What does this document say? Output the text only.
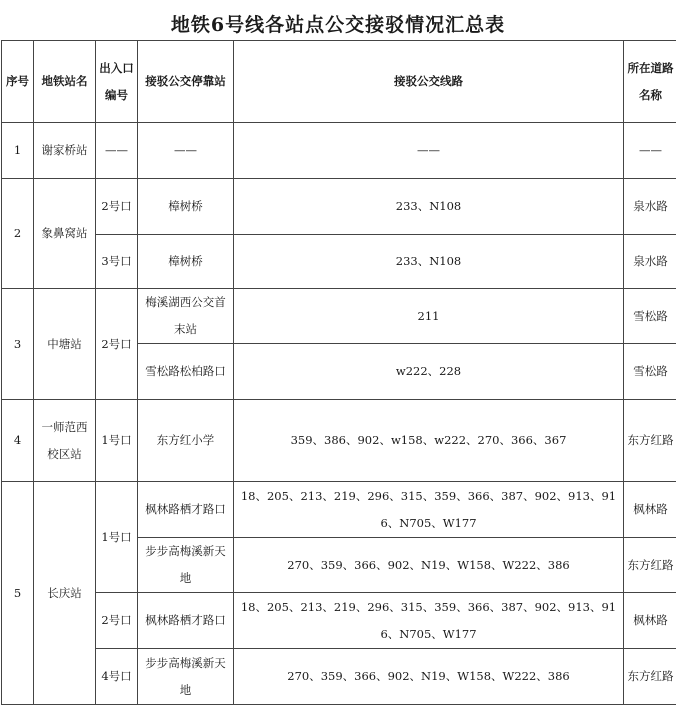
地铁6号线各站点公交接驳情况汇总表
序号	地铁站名	出入口编号	接驳公交停靠站	接驳公交线路	所在道路名称
1	谢家桥站	——	——	——	——
2	象鼻窝站	2号口	樟树桥	233、N108	泉水路
		3号口	樟树桥	233、N108	泉水路
3	中塘站	2号口	梅溪湖西公交首末站	211	雪松路
			雪松路松柏路口	w222、228	雪松路
4	一师范西校区站	1号口	东方红小学	359、386、902、w158、w222、270、366、367	东方红路
5	长庆站	1号口	枫林路栖才路口	18、205、213、219、296、315、359、366、387、902、913、916、N705、W177	枫林路
			步步高梅溪新天地	270、359、366、902、N19、W158、W222、386	东方红路
		2号口	枫林路栖才路口	18、205、213、219、296、315、359、366、387、902、913、916、N705、W177	枫林路
		4号口	步步高梅溪新天地	270、359、366、902、N19、W158、W222、386	东方红路
